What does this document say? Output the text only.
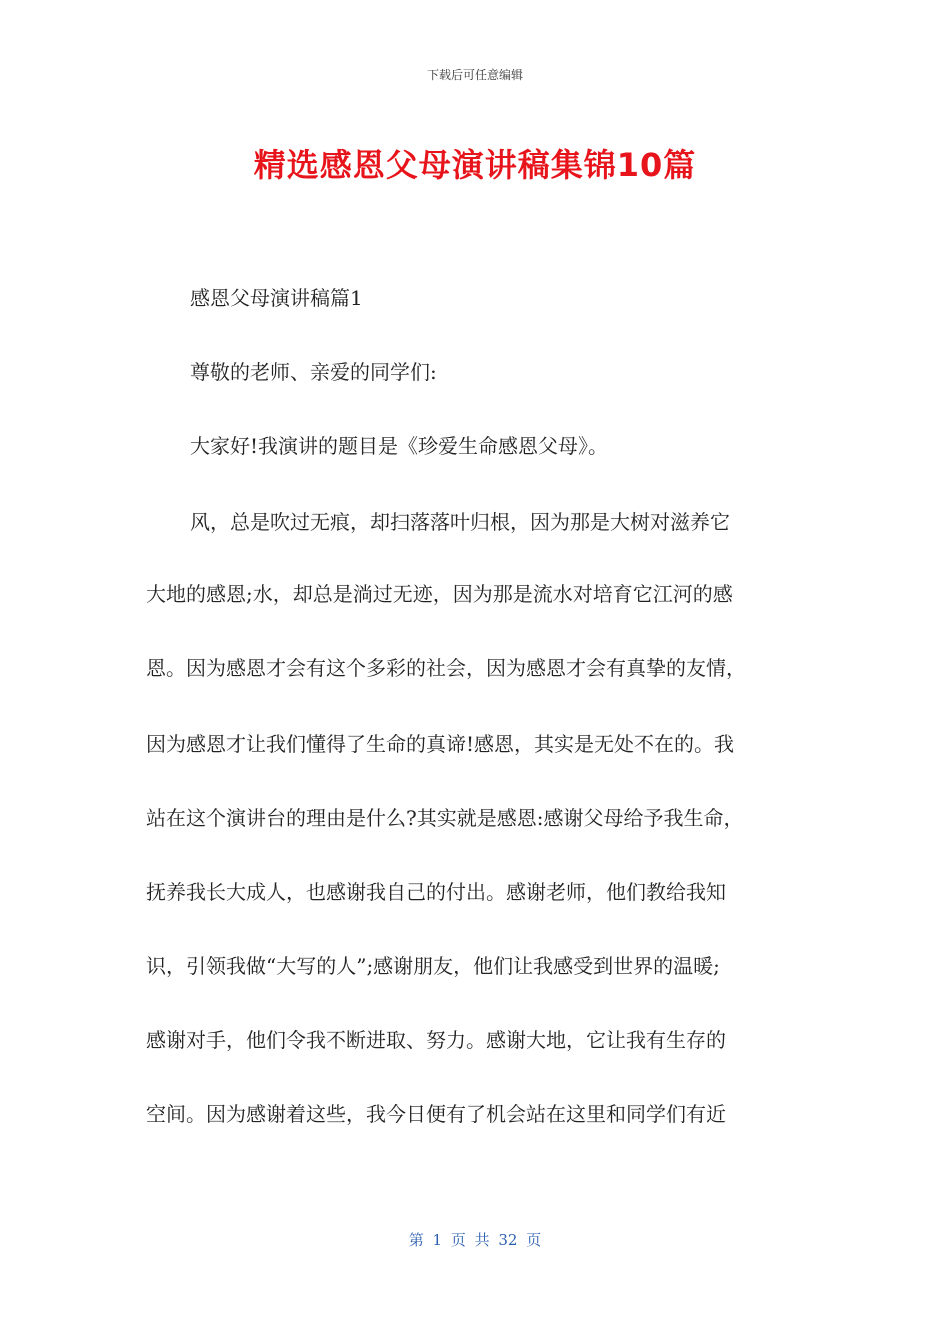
下载后可任意编辑
精选感恩父母演讲稿集锦10篇
感恩父母演讲稿篇1
尊敬的老师、亲爱的同学们:
大家好!我演讲的题目是《珍爱生命感恩父母》。
风，总是吹过无痕，却扫落落叶归根，因为那是大树对滋养它
大地的感恩;水，却总是淌过无迹，因为那是流水对培育它江河的感
恩。因为感恩才会有这个多彩的社会，因为感恩才会有真挚的友情，
因为感恩才让我们懂得了生命的真谛!感恩，其实是无处不在的。我
站在这个演讲台的理由是什么?其实就是感恩:感谢父母给予我生命，
抚养我长大成人，也感谢我自己的付出。感谢老师，他们教给我知
识，引领我做“大写的人”;感谢朋友，他们让我感受到世界的温暖;
感谢对手，他们令我不断进取、努力。感谢大地，它让我有生存的
空间。因为感谢着这些，我今日便有了机会站在这里和同学们有近
第 1 页 共 32 页
